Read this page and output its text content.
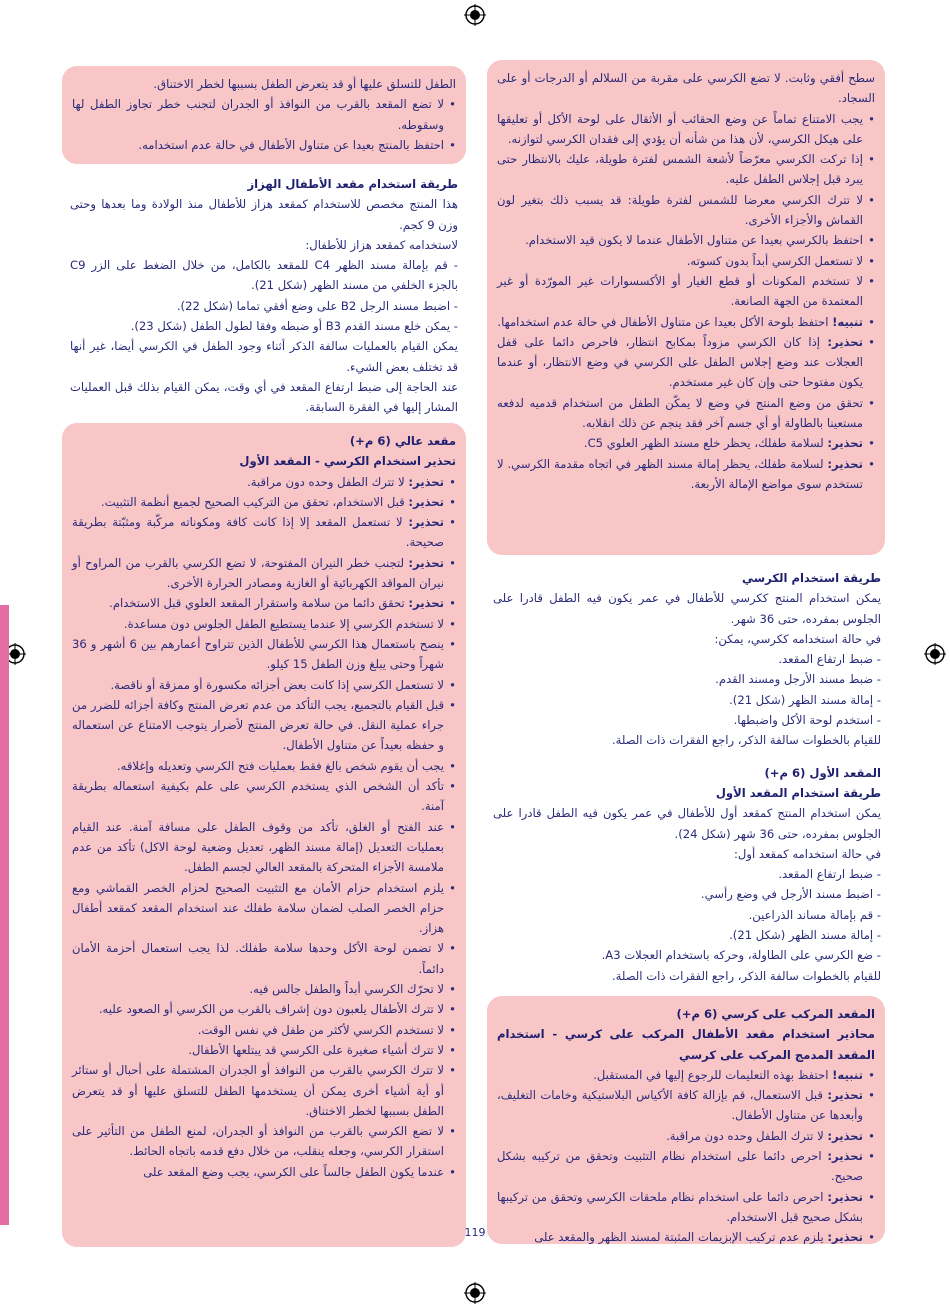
سطح أفقي وثابت. لا تضع الكرسي على مقربة من السلالم أو الدرجات أو على السجاد.
• يجب الامتناع تماماً عن وضع الحقائب أو الأثقال على لوحة الأكل أو تعليقها على هيكل الكرسي، لأن هذا من شأنه أن يؤدي إلى فقدان الكرسي لتوازنه.
• إذا تركت الكرسي معرّضاً لأشعة الشمس لفترة طويلة، عليك بالانتظار حتى يبرد قبل إجلاس الطفل عليه.
• لا تترك الكرسي معرضا للشمس لفترة طويلة: قد يسبب ذلك بتغير لون القماش والأجزاء الأخرى.
• احتفظ بالكرسي بعيدا عن متناول الأطفال عندما لا يكون قيد الاستخدام.
• لا تستعمل الكرسي أبداً بدون كسوته.
• لا تستخدم المكونات أو قطع الغيار أو الأكسسوارات غير المورّدة أو غير المعتمدة من الجهة الصانعة.
• تنبيه! احتفظ بلوحة الأكل بعيدا عن متناول الأطفال في حالة عدم استخدامها.
• تحذير: إذا كان الكرسي مزوداً بمكابح انتظار، فاحرص دائما على قفل العجلات عند وضع إجلاس الطفل على الكرسي في وضع الانتظار، أو عندما يكون مفتوحا حتى وإن كان غير مستخدم.
• تحقق من وضع المنتج في وضع لا يمكّن الطفل من استخدام قدميه لدفعه مستعينا بالطاولة أو أي جسم آخر فقد ينجم عن ذلك انقلابه.
• تحذير: لسلامة طفلك، يحظر خلع مسند الظهر العلوي C5.
• تحذير: لسلامة طفلك، يحظر إمالة مسند الظهر في اتجاه مقدمة الكرسي. لا تستخدم سوى مواضع الإمالة الأربعة.
طريقة استخدام الكرسي
يمكن استخدام المنتج ككرسي للأطفال في عمر يكون فيه الطفل قادرا على الجلوس بمفرده، حتى 36 شهر.
في حالة استخدامه ككرسي، يمكن:
- ضبط ارتفاع المقعد.
- ضبط مسند الأرجل ومسند القدم.
- إمالة مسند الظهر (شكل 21).
- استخدم لوحة الأكل واضبطها.
للقيام بالخطوات سالفة الذكر، راجع الفقرات ذات الصلة.
المقعد الأول (6 م+)
طريقة استخدام المقعد الأول
يمكن استخدام المنتج كمقعد أول للأطفال في عمر يكون فيه الطفل قادرا على الجلوس بمفرده، حتى 36 شهر (شكل 24).
في حالة استخدامه كمقعد أول:
- ضبط ارتفاع المقعد.
- اضبط مسند الأرجل في وضع رأسي.
- قم بإمالة مساند الذراعين.
- إمالة مسند الظهر (شكل 21).
- ضع الكرسي على الطاولة، وحركه باستخدام العجلات A3.
للقيام بالخطوات سالفة الذكر، راجع الفقرات ذات الصلة.
المقعد المركب على كرسي (6 م+)
محاذير استخدام مقعد الأطفال المركب على كرسي - استخدام المقعد المدمج المركب على كرسي
• تنبيه! احتفظ بهذه التعليمات للرجوع إليها في المستقبل.
• تحذير: قبل الاستعمال، قم بإزالة كافة الأكياس البلاستيكية وخامات التغليف، وأبعدها عن متناول الأطفال.
• تحذير: لا تترك الطفل وحده دون مراقبة.
• تحذير: احرص دائما على استخدام نظام التثبيت وتحقق من تركيبه بشكل صحيح.
• تحذير: احرص دائما على استخدام نظام ملحقات الكرسي وتحقق من تركيبها بشكل صحيح قبل الاستخدام.
• تحذير: يلزم عدم تركيب الإبزيمات المثبتة لمسند الظهر والمقعد على
الطفل للتسلق عليها أو قد يتعرض الطفل بسببها لخطر الاختناق.
• لا تضع المقعد بالقرب من النوافذ أو الجدران لتجنب خطر تجاوز الطفل لها وسقوطه.
• احتفظ بالمنتج بعيدا عن متناول الأطفال في حالة عدم استخدامه.
طريقة استخدام مقعد الأطفال الهزاز
هذا المنتج مخصص للاستخدام كمقعد هزاز للأطفال منذ الولادة وما بعدها وحتى وزن 9 كجم.
لاستخدامه كمقعد هزاز للأطفال:
- قم بإمالة مسند الظهر C4 للمقعد بالكامل، من خلال الضغط على الزر C9 بالجزء الخلفي من مسند الظهر (شكل 21).
- اضبط مسند الرجل B2 على وضع أفقي تماما (شكل 22).
- يمكن خلع مسند القدم B3 أو ضبطه وفقا لطول الطفل (شكل 23).
يمكن القيام بالعمليات سالفة الذكر أثناء وجود الطفل في الكرسي أيضا، غير أنها قد تختلف بعض الشيء.
عند الحاجة إلى ضبط ارتفاع المقعد في أي وقت، يمكن القيام بذلك قبل العمليات المشار إليها في الفقرة السابقة.
مقعد عالي (6 م+)
تحذير استخدام الكرسي - المقعد الأول
• تحذير: لا تترك الطفل وحده دون مراقبة.
• تحذير: قبل الاستخدام، تحقق من التركيب الصحيح لجميع أنظمة التثبيت.
• تحذير: لا تستعمل المقعد إلا إذا كانت كافة ومكوناته مركّبة ومثبّتة بطريقة صحيحة.
• تحذير: لتجنب خطر النيران المفتوحة، لا تضع الكرسي بالقرب من المراوح أو نيران المواقد الكهربائية أو الغازية ومصادر الحرارة الأخرى.
• تحذير: تحقق دائما من سلامة واستقرار المقعد العلوي قبل الاستخدام.
• لا تستخدم الكرسي إلا عندما يستطيع الطفل الجلوس دون مساعدة.
• ينصح باستعمال هذا الكرسي للأطفال الذين تتراوح أعمارهم بين 6 أشهر و 36 شهراً وحتى يبلغ وزن الطفل 15 كيلو.
• لا تستعمل الكرسي إذا كانت بعض أجزائه مكسورة أو ممزقة أو ناقصة.
• قبل القيام بالتجميع، يجب التأكد من عدم تعرض المنتج وكافة أجزائه للضرر من جراء عملية النقل. في حالة تعرض المنتج لأضرار يتوجب الامتناع عن استعماله و حفظه بعيداً عن متناول الأطفال.
• يجب أن يقوم شخص بالغ فقط بعمليات فتح الكرسي وتعديله وإغلاقه.
• تأكد أن الشخص الذي يستخدم الكرسي على علم بكيفية استعماله بطريقة آمنة.
• عند الفتح أو الغلق، تأكد من وقوف الطفل على مسافة آمنة. عند القيام بعمليات التعديل (إمالة مسند الظهر، تعديل وضعية لوحة الاكل) تأكد من عدم ملامسة الأجزاء المتحركة بالمقعد العالي لجسم الطفل.
• يلزم استخدام حزام الأمان مع التثبيت الصحيح لحزام الخصر القماشي ومع حزام الخصر الصلب لضمان سلامة طفلك عند استخدام المقعد كمقعد أطفال هزاز.
• لا تضمن لوحة الأكل وحدها سلامة طفلك. لذا يجب استعمال أحزمة الأمان دائماً.
• لا تحرّك الكرسي أبداً والطفل جالس فيه.
• لا تترك الأطفال يلعبون دون إشراف بالقرب من الكرسي أو الصعود عليه.
• لا تستخدم الكرسي لأكثر من طفل في نفس الوقت.
• لا تترك أشياء صغيرة على الكرسي قد يبتلعها الأطفال.
• لا تترك الكرسي بالقرب من النوافذ أو الجدران المشتملة على أحبال أو ستائر أو أية أشياء أخرى يمكن أن يستخدمها الطفل للتسلق عليها أو قد يتعرض الطفل بسببها لخطر الاختناق.
• لا تضع الكرسي بالقرب من النوافذ أو الجدران، لمنع الطفل من التأثير على استقرار الكرسي، وجعله ينقلب، من خلال دفع قدمه باتجاه الحائط.
• عندما يكون الطفل جالساً على الكرسي، يجب وضع المقعد على
119
